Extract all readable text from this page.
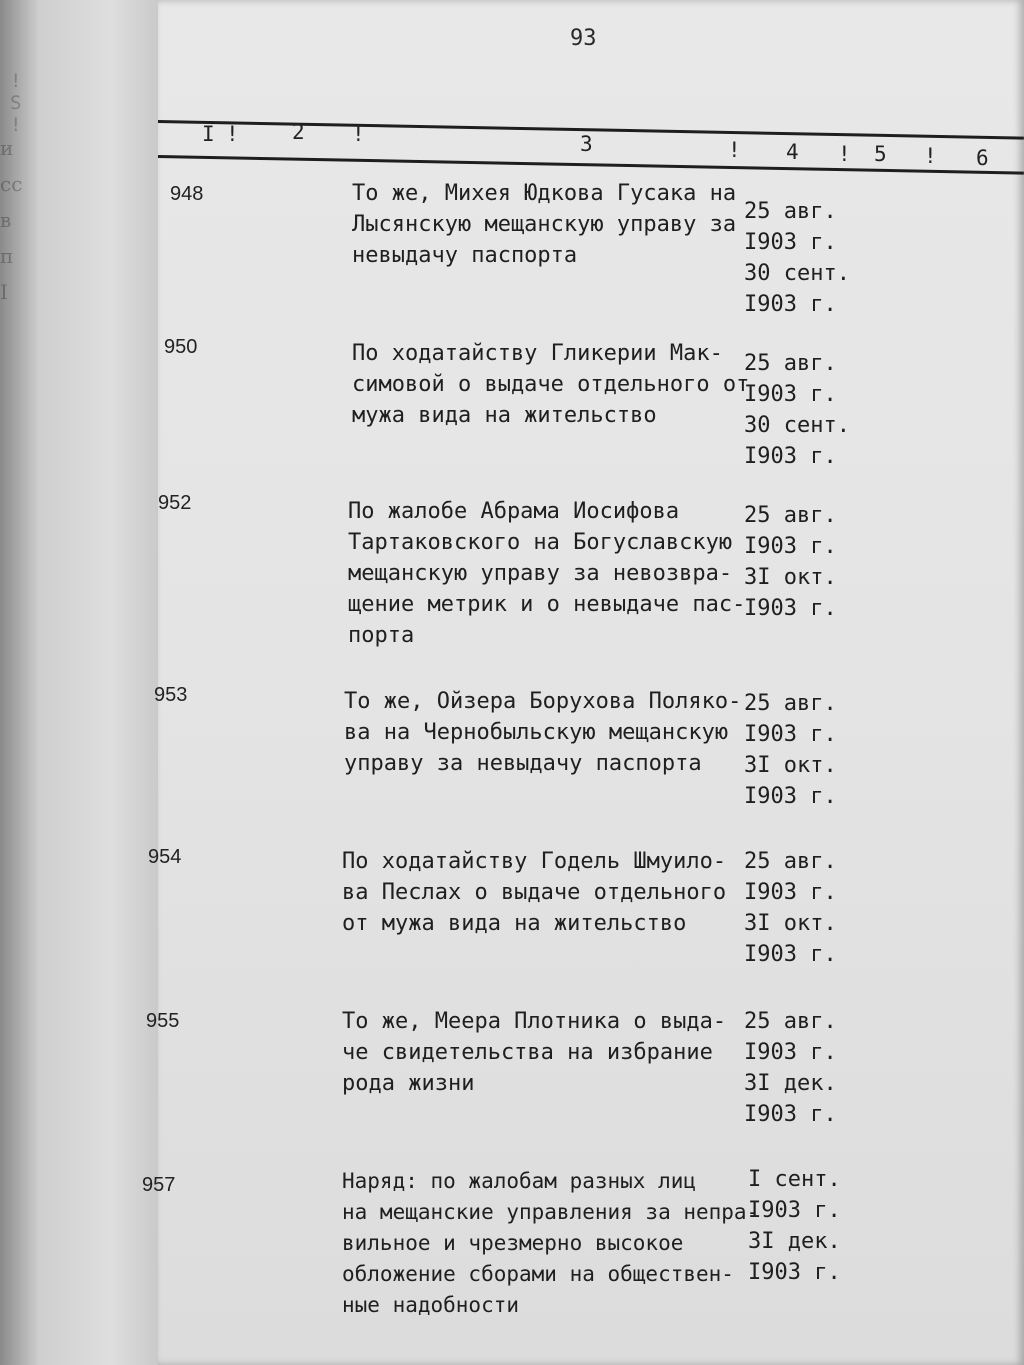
! S !
и
сс
в
п
I
93
I !	2 !	3	! 4 ! 5 ! 6
948	То же, Михея Юдкова Гусака на
Лысянскую мещанскую управу за
невыдачу паспорта
25 авг.
I903 г.
30 сент.
I903 г.
950	По ходатайству Гликерии Мак-
симовой о выдаче отдельного от
мужа вида на жительство
25 авг.
I903 г.
30 сент.
I903 г.
952	По жалобе Абрама Иосифова
Тартаковского на Богуславскую
мещанскую управу за невозвра-
щение метрик и о невыдаче пас-
порта
25 авг.
I903 г.
3I окт.
I903 г.
953	То же, Ойзера Борухова Поляко-
ва на Чернобыльскую мещанскую
управу за невыдачу паспорта
25 авг.
I903 г.
3I окт.
I903 г.
954	По ходатайству Годель Шмуило-
ва Песлах о выдаче отдельного
от мужа вида на жительство
25 авг.
I903 г.
3I окт.
I903 г.
955	То же, Меера Плотника о выда-
че свидетельства на избрание
рода жизни
25 авг.
I903 г.
3I дек.
I903 г.
957	Наряд: по жалобам разных лиц
на мещанские управления за непра-
вильное и чрезмерно высокое
обложение сборами на обществен-
ные надобности
I сент.
I903 г.
3I дек.
I903 г.
